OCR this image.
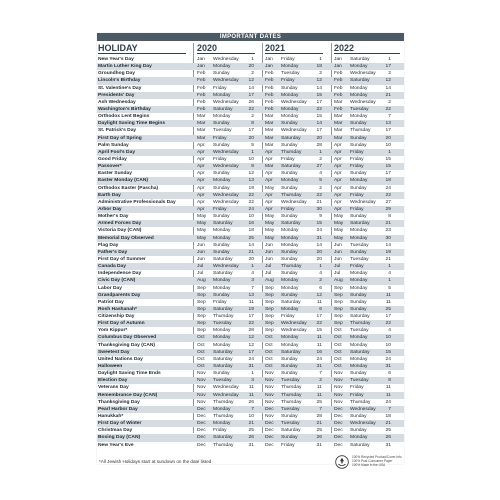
IMPORTANT DATES
HOLIDAY	2020	2021	2022
New Year's Day	Jan	Wednesday	1 Jan	Friday	1 Jan	Saturday	1
Martin Luther King Day	Jan	Monday	20 Jan	Monday	18 Jan	Monday	17
Groundhog Day	Feb	Sunday	2 Feb	Tuesday	2 Feb	Wednesday	2
Lincoln's Birthday	Feb	Wednesday	12 Feb	Friday	12 Feb	Saturday	12
St. Valentine's Day	Feb	Friday	14 Feb	Sunday	14 Feb	Monday	14
Presidents' Day	Feb	Monday	17 Feb	Monday	15 Feb	Monday	21
Ash Wednesday	Feb	Wednesday	26 Feb	Wednesday	17 Mar	Wednesday	2
Washington's Birthday	Feb	Saturday	22 Feb	Monday	22 Feb	Tuesday	22
Orthodox Lent Begins	Mar	Monday	2 Mar	Monday	15 Mar	Monday	7
Daylight Saving Time Begins	Mar	Sunday	8 Mar	Sunday	14 Mar	Sunday	13
St. Patrick's Day	Mar	Tuesday	17 Mar	Wednesday	17 Mar	Thursday	17
First Day of Spring	Mar	Friday	20 Mar	Saturday	20 Mar	Sunday	20
Palm Sunday	Apr	Sunday	5 Mar	Sunday	28 Apr	Sunday	10
April Fool's Day	Apr	Wednesday	1 Apr	Thursday	1 Apr	Friday	1
Good Friday	Apr	Friday	10 Apr	Friday	2 Apr	Friday	15
Passover*	Apr	Wednesday	8 Mar	Saturday	27 Apr	Friday	15
Easter Sunday	Apr	Sunday	12 Apr	Sunday	4 Apr	Sunday	17
Easter Monday (CAN)	Apr	Monday	13 Apr	Monday	5 Apr	Monday	18
Orthodox Easter (Pascha)	Apr	Sunday	19 May	Sunday	2 Apr	Sunday	24
Earth Day	Apr	Wednesday	22 Apr	Thursday	22 Apr	Friday	22
Administrative Professionals Day	Apr	Wednesday	22 Apr	Wednesday	21 Apr	Wednesday	27
Arbor Day	Apr	Friday	24 Apr	Friday	30 Apr	Friday	29
Mother's Day	May	Sunday	10 May	Sunday	9 May	Sunday	8
Armed Forces Day	May	Saturday	16 May	Saturday	15 May	Saturday	21
Victoria Day (CAN)	May	Monday	18 May	Monday	24 May	Monday	23
Memorial Day Observed	May	Monday	25 May	Monday	31 May	Monday	30
Flag Day	Jun	Sunday	14 Jun	Monday	14 Jun	Tuesday	14
Father's Day	Jun	Sunday	21 Jun	Sunday	20 Jun	Sunday	19
First Day of Summer	Jun	Saturday	20 Jun	Sunday	20 Jun	Tuesday	21
Canada Day	Jul	Wednesday	1 Jul	Thursday	1 Jul	Friday	1
Independence Day	Jul	Saturday	4 Jul	Sunday	4 Jul	Monday	4
Civic Day (CAN)	Aug	Monday	3 Aug	Monday	2 Aug	Monday	1
Labor Day	Sep	Monday	7 Sep	Monday	6 Sep	Monday	5
Grandparents Day	Sep	Sunday	13 Sep	Sunday	12 Sep	Sunday	11
Patriot Day	Sep	Friday	11 Sep	Saturday	11 Sep	Sunday	11
Rosh Hashanah*	Sep	Saturday	19 Sep	Monday	6 Sep	Sunday	25
Citizenship Day	Sep	Thursday	17 Sep	Friday	17 Sep	Saturday	17
First Day of Autumn	Sep	Tuesday	22 Sep	Wednesday	22 Sep	Thursday	22
Yom Kippur*	Sep	Monday	28 Sep	Wednesday	15 Oct	Tuesday	4
Columbus Day Observed	Oct	Monday	12 Oct	Monday	11 Oct	Monday	10
Thanksgiving Day (CAN)	Oct	Monday	12 Oct	Monday	11 Oct	Monday	10
Sweetest Day	Oct	Saturday	17 Oct	Saturday	16 Oct	Saturday	15
United Nations Day	Oct	Saturday	24 Oct	Sunday	24 Oct	Monday	24
Halloween	Oct	Saturday	31 Oct	Sunday	31 Oct	Monday	31
Daylight Saving Time Ends	Nov	Sunday	1 Nov	Sunday	7 Nov	Sunday	6
Election Day	Nov	Tuesday	3 Nov	Tuesday	2 Nov	Tuesday	8
Veterans Day	Nov	Wednesday	11 Nov	Thursday	11 Nov	Friday	11
Remembrance Day (CAN)	Nov	Wednesday	11 Nov	Thursday	11 Nov	Friday	11
Thanksgiving Day	Nov	Thursday	26 Nov	Thursday	25 Nov	Thursday	24
Pearl Harbor Day	Dec	Monday	7 Dec	Tuesday	7 Dec	Wednesday	7
Hanukkah*	Dec	Thursday	10 Nov	Sunday	28 Dec	Sunday	18
First Day of Winter	Dec	Monday	21 Dec	Tuesday	21 Dec	Wednesday	21
Christmas Day	Dec	Friday	25 Dec	Saturday	25 Dec	Sunday	25
Boxing Day (CAN)	Dec	Saturday	26 Dec	Sunday	26 Dec	Monday	26
New Year's Eve	Dec	Thursday	31 Dec	Friday	31 Dec	Saturday	31
*All Jewish Holidays start at sundown on the date listed
100% Recycled Product/Cover Info
100% Post Consumer Paper
100% Made in the USA
